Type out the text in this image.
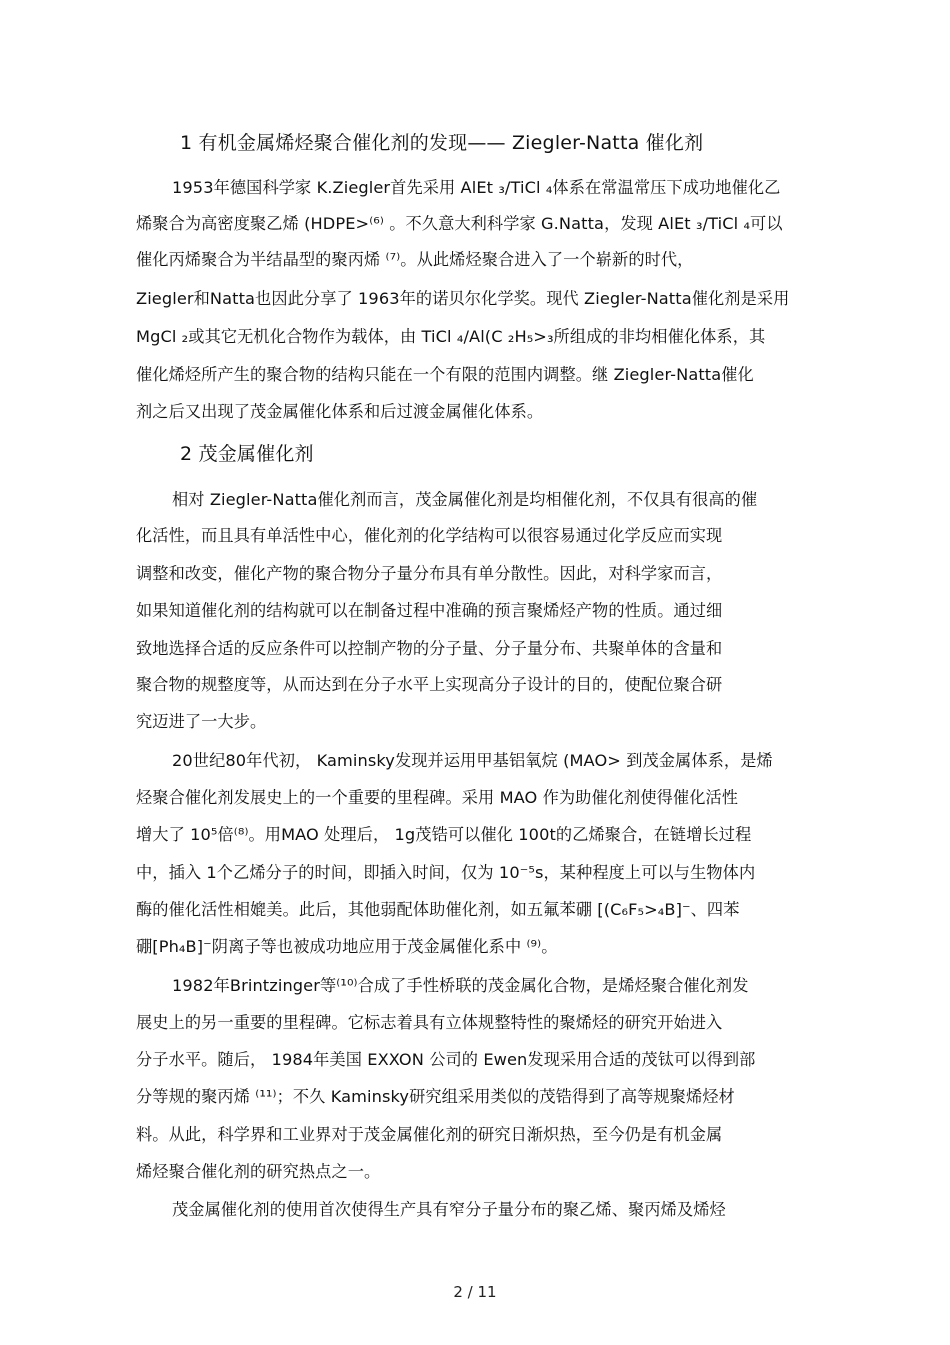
1 有机金属烯烃聚合催化剂的发现—— Ziegler-Natta 催化剂
1953年德国科学家 K.Ziegler首先采用 AlEt ₃/TiCl ₄体系在常温常压下成功地催化乙
烯聚合为高密度聚乙烯 (HDPE>⁽⁶⁾ 。不久意大利科学家 G.Natta，发现 AlEt ₃/TiCl ₄可以
催化丙烯聚合为半结晶型的聚丙烯 ⁽⁷⁾。从此烯烃聚合进入了一个崭新的时代，
Ziegler和Natta也因此分享了 1963年的诺贝尔化学奖。现代 Ziegler-Natta催化剂是采用
MgCl ₂或其它无机化合物作为载体，由 TiCl ₄/Al(C ₂H₅>₃所组成的非均相催化体系，其
催化烯烃所产生的聚合物的结构只能在一个有限的范围内调整。继 Ziegler-Natta催化
剂之后又出现了茂金属催化体系和后过渡金属催化体系。
2 茂金属催化剂
相对 Ziegler-Natta催化剂而言，茂金属催化剂是均相催化剂，不仅具有很高的催
化活性，而且具有单活性中心，催化剂的化学结构可以很容易通过化学反应而实现
调整和改变，催化产物的聚合物分子量分布具有单分散性。因此，对科学家而言，
如果知道催化剂的结构就可以在制备过程中准确的预言聚烯烃产物的性质。通过细
致地选择合适的反应条件可以控制产物的分子量、分子量分布、共聚单体的含量和
聚合物的规整度等，从而达到在分子水平上实现高分子设计的目的，使配位聚合研
究迈进了一大步。
20世纪80年代初， Kaminsky发现并运用甲基铝氧烷 (MAO> 到茂金属体系，是烯
烃聚合催化剂发展史上的一个重要的里程碑。采用 MAO 作为助催化剂使得催化活性
增大了 10⁵倍⁽⁸⁾。用MAO 处理后， 1g茂锆可以催化 100t的乙烯聚合，在链增长过程
中，插入 1个乙烯分子的时间，即插入时间，仅为 10⁻⁵s，某种程度上可以与生物体内
酶的催化活性相媲美。此后，其他弱配体助催化剂，如五氟苯硼 [(C₆F₅>₄B]⁻、四苯
硼[Ph₄B]⁻阴离子等也被成功地应用于茂金属催化系中 ⁽⁹⁾。
1982年Brintzinger等⁽¹⁰⁾合成了手性桥联的茂金属化合物，是烯烃聚合催化剂发
展史上的另一重要的里程碑。它标志着具有立体规整特性的聚烯烃的研究开始进入
分子水平。随后， 1984年美国 EXXON 公司的 Ewen发现采用合适的茂钛可以得到部
分等规的聚丙烯 ⁽¹¹⁾；不久 Kaminsky研究组采用类似的茂锆得到了高等规聚烯烃材
料。从此，科学界和工业界对于茂金属催化剂的研究日渐炽热，至今仍是有机金属
烯烃聚合催化剂的研究热点之一。
茂金属催化剂的使用首次使得生产具有窄分子量分布的聚乙烯、聚丙烯及烯烃
2 / 11
